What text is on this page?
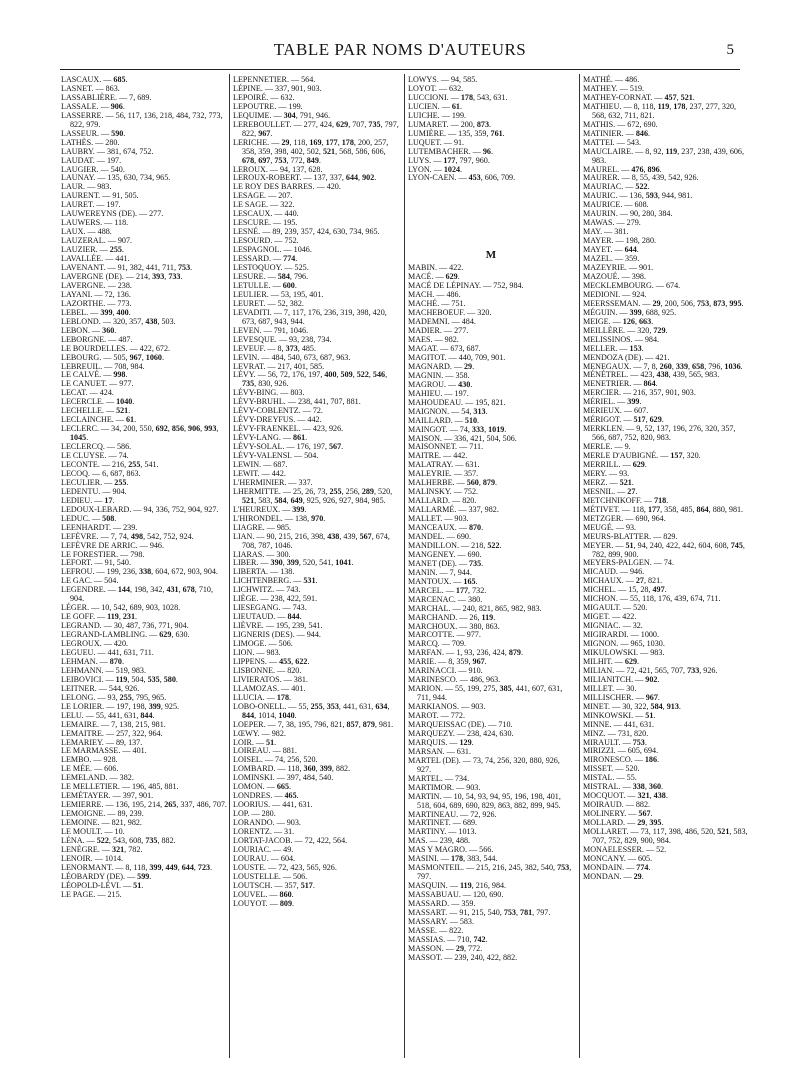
TABLE PAR NOMS D'AUTEURS	5
LASCAUX. — 685.
LASNET. — 863.
LASSABLIÈRE. — 7, 689.
LASSALE. — 906.
LASSERRE. — 56, 117, 136, 218, 484, 732, 773, 822, 979.
LASSEUR. — 590.
LATHÈS. — 280.
LAUBRY. — 381, 674, 752.
LAUDAT. — 197.
LAUGIER. — 540.
LAUNAY. — 135, 630, 734, 965.
LAUR. — 983.
LAURENT. — 91, 505.
LAURET. — 197.
LAUWEREYNS (DE). — 277.
LAUWERS. — 118.
LAUX. — 488.
LAUZERAL. — 907.
LAUZIER. — 255.
LAVALLÉE. — 441.
LAVENANT. — 91, 382, 441, 711, 753.
LAVERGNE (DE). — 214, 393, 733.
LAVERGNE. — 238.
LAYANI. — 72, 136.
LAZORTHE. — 773.
LEBEL. — 399, 400.
LEBLOND. — 320, 357, 438, 503.
LEBON. — 360.
LEBORGNE. — 487.
LE BOURDELLES. — 422, 672.
LEBOURG. — 505, 967, 1060.
LEBREUIL. — 708, 984.
LE CALVÉ. — 998.
LE CANUET. — 977.
LECAT. — 424.
LECERCLE. — 1040.
LECHELLE. — 521.
LECLAINCHE. — 61.
LECLERC. — 34, 200, 550, 692, 856, 906, 993, 1045.
LECLERCQ. — 586.
LE CLUYSE. — 74.
LECONTE. — 216, 255, 541.
LECOQ. — 6, 687, 863.
LECULIER. — 255.
LEDENTU. — 904.
LEDIEU. — 17.
LEDOUX-LEBARD. — 94, 336, 752, 904, 927.
LEDUC. — 508.
LEENHARDT. — 239.
LEFÈVRE. — 7, 74, 498, 542, 752, 924.
LEFÈVRE DE ARRIC. — 946.
LE FORESTIER. — 798.
LEFORT. — 91, 540.
LEFROU. — 199, 236, 338, 604, 672, 903, 904.
LE GAC. — 504.
LEGENDRE. — 144, 198, 342, 431, 678, 710, 904.
LÉGER. — 10, 542, 689, 903, 1028.
LE GOFF. — 119, 231.
LEGRAND. — 30, 487, 736, 771, 904.
LEGRAND-LAMBLING. — 629, 630.
LEGROUX. — 420.
LEGUEU. — 441, 631, 711.
LEHMAN. — 870.
LEHMANN. — 519, 983.
LEIBOVICI. — 119, 504, 535, 580.
LEITNER. — 544, 926.
LELONG. — 93, 255, 795, 965.
LE LORIER. — 197, 198, 399, 925.
LELU. — 55, 441, 631, 844.
LEMAIRE. — 7, 138, 215, 981.
LEMAITRE. — 257, 322, 964.
LEMARIEY. — 89, 137.
LE MARMASSE. — 401.
LEMBO. — 928.
LE MÉE. — 606.
LEMELAND. — 382.
LE MELLETIER. — 196, 485, 881.
LEMÉTAYER. — 397, 901.
LEMIERRE. — 136, 195, 214, 265, 337, 486, 707.
LEMOIGNE. — 89, 239.
LEMOINE. — 821, 982.
LE MOULT. — 10.
LÉNA. — 522, 543, 608, 735, 882.
LENÈGRE. — 321, 782.
LENOIR. — 1014.
LENORMANT. — 8, 118, 399, 449, 644, 723.
LÉOBARDY (DE). — 599.
LÉOPOLD-LÉVI. — 51.
LE PAGE. — 215.
LEPENNETIER. — 564.
LÉPINE. — 337, 901, 903.
LEPOIRÉ. — 632.
LEPOUTRE. — 199.
LEQUIME. — 304, 791, 946.
LEREBOULLET. — 277, 424, 629, 707, 735, 797, 822, 967.
LERICHE. — 29, 118, 169, 177, 178, 200, 257, 358, 359, 398, 402, 502, 521, 568, 586, 606, 678, 697, 753, 772, 849.
LEROUX. — 94, 137, 628.
LEROUX-ROBERT. — 137, 337, 644, 902.
LE ROY DES BARRES. — 420.
LESAGE. — 207.
LE SAGE. — 322.
LESCAUX. — 440.
LESCURE. — 195.
LESNÉ. — 89, 239, 357, 424, 630, 734, 965.
LESOURD. — 752.
LESPAGNOL. — 1046.
LESSARD. — 774.
LESTOQUOY. — 525.
LESURE. — 584, 796.
LETULLE. — 600.
LEULIER. — 53, 195, 401.
LEURET. — 52, 382.
LEVADITI. — 7, 117, 176, 236, 319, 398, 420, 673, 687, 943, 944.
LEVEN. — 791, 1046.
LEVESQUE. — 93, 238, 734.
LEVEUF. — 8, 373, 485.
LEVIN. — 484, 540, 673, 687, 963.
LEVRAT. — 217, 401, 585.
LÉVY. — 56, 72, 176, 197, 400, 509, 522, 546, 735, 830, 926.
LÉVY-BING. — 803.
LÉVY-BRUHL. — 238, 441, 707, 881.
LÉVY-COBLENTZ. — 72.
LÉVY-DREYFUS. — 442.
LÉVY-FRAENKEL. — 423, 926.
LÉVY-LANG. — 861.
LÉVY-SOLAL. — 176, 197, 567.
LÉVY-VALENSI. — 504.
LEWIN. — 687.
LEWIT. — 442.
L'HERMINIER. — 337.
LHERMITTE. — 25, 26, 73, 255, 256, 289, 520, 521, 583, 584, 649, 925, 926, 927, 984, 985.
L'HEUREUX. — 399.
L'HIRONDEL. — 138, 970.
LIAGRE. — 985.
LIAN. — 90, 215, 216, 398, 438, 439, 567, 674, 708, 787, 1046.
LIARAS. — 300.
LIBER. — 390, 399, 520, 541, 1041.
LIBERTA. — 138.
LICHTENBERG. — 531.
LICHWITZ. — 743.
LIÈGE. — 238, 422, 591.
LIESEGANG. — 743.
LIEUTAUD. — 844.
LIÈVRE. — 195, 239, 541.
LIGNERIS (DES). — 944.
LIMOGE. — 506.
LION. — 983.
LIPPENS. — 455, 622.
LISBONNE. — 820.
LIVIERATOS. — 381.
LLAMOZAS. — 401.
LLUCIA. — 178.
LOBO-ONELL. — 55, 255, 353, 441, 631, 634, 844, 1014, 1040.
LOEPER. — 7, 38, 195, 796, 821, 857, 879, 981.
LŒWY. — 982.
LOIR. — 51.
LOIREAU. — 881.
LOISEL. — 74, 256, 520.
LOMBARD. — 118, 360, 399, 882.
LOMINSKI. — 397, 484, 540.
LOMON. — 665.
LONDRES. — 465.
LOORIUS. — 441, 631.
LOP. — 280.
LORANDO. — 903.
LORENTZ. — 31.
LORTAT-JACOB. — 72, 422, 564.
LOURIAC. — 49.
LOURAU. — 604.
LOUSTE. — 72, 423, 565, 926.
LOUSTELLE. — 506.
LOUTSCH. — 357, 517.
LOUVEL. — 860.
LOUYOT. — 809.
LOWYS. — 94, 585.
LOYOT. — 632.
LUCCIONI. — 178, 543, 631.
LUCIEN. — 61.
LUICHE. — 199.
LUMARET. — 200, 873.
LUMIÈRE. — 135, 359, 761.
LUQUET. — 91.
LUTEMBACHER. — 96.
LUYS. — 177, 797, 960.
LYON. — 1024.
LYON-CAEN. — 453, 606, 709.
M
MABIN. — 422.
MACÉ. — 629.
MACÉ DE LÉPINAY. — 752, 984.
MACH. — 486.
MACHÉ. — 751.
MACHEBOEUF. — 320.
MADEMNI. — 484.
MADIER. — 277.
MAES. — 982.
MAGAT. — 673, 687.
MAGITOT. — 440, 709, 901.
MAGNARD. — 29.
MAGNIN. — 358.
MAGROU. — 430.
MAHIEU. — 197.
MAHOUDEAU. — 195, 821.
MAIGNON. — 54, 313.
MAILLARD. — 510.
MAINGOT. — 74, 333, 1019.
MAISON. — 336, 421, 504, 506.
MAISONNET. — 711.
MAITRE. — 442.
MALATRAY. — 631.
MALEYRIE. — 357.
MALHERBE. — 560, 879.
MALINSKY. — 752.
MALLARD. — 820.
MALLARMÉ. — 337, 982.
MALLET. — 903.
MANCEAUX. — 870.
MANDEL. — 690.
MANDILLON. — 218, 522.
MANGENEY. — 690.
MANET (DE). — 735.
MANIN. — 7, 944.
MANTOUX. — 165.
MARCEL. — 177, 732.
MARCENAC. — 380.
MARCHAL. — 240, 821, 865, 982, 983.
MARCHAND. — 26, 119.
MARCHOUX. — 380, 863.
MARCOTTE. — 977.
MARCQ. — 709.
MARFAN. — 1, 93, 236, 424, 879.
MARIE. — 8, 359, 967.
MARINACCI. — 910.
MARINESCO. — 486, 963.
MARION. — 55, 199, 275, 385, 441, 607, 631, 711, 944.
MARKIANOS. — 903.
MAROT. — 772.
MARQUEISSAC (DE). — 710.
MARQUEZY. — 238, 424, 630.
MARQUIS. — 129.
MARSAN. — 631.
MARTEL (DE). — 73, 74, 256, 320, 880, 926, 927.
MARTEL. — 734.
MARTIMOR. — 903.
MARTIN. — 10, 54, 93, 94, 95, 196, 198, 401, 518, 604, 689, 690, 829, 863, 882, 899, 945.
MARTINEAU. — 72, 926.
MARTINET. — 689.
MARTINY. — 1013.
MAS. — 239, 488.
MAS Y MAGRO. — 566.
MASINI. — 178, 383, 544.
MASMONTEIL. — 215, 216, 245, 382, 540, 753, 797.
MASQUIN. — 119, 216, 984.
MASSABUAU. — 120, 690.
MASSARD. — 359.
MASSART. — 91, 215, 540, 753, 781, 797.
MASSARY. — 583.
MASSE. — 822.
MASSIAS. — 710, 742.
MASSON. — 29, 772.
MASSOT. — 239, 240, 422, 882.
MATHÉ. — 486.
MATHEY. — 519.
MATHEY-CORNAT. — 457, 521.
MATHIEU. — 8, 118, 119, 178, 237, 277, 320, 568, 632, 711, 821.
MATHIS. — 672, 690.
MATINIER. — 846.
MATTEI. — 543.
MAUCLAIRE. — 8, 92, 119, 237, 238, 439, 606, 983.
MAUREL. — 476, 896.
MAURER. — 8, 55, 439, 542, 926.
MAURIAC. — 522.
MAURIC. — 136, 593, 944, 981.
MAURICE. — 608.
MAURIN. — 90, 280, 384.
MAWAS. — 279.
MAY. — 381.
MAYER. — 198, 280.
MAYET. — 644.
MAZEL. — 359.
MAZEYRIE. — 901.
MAZOUÉ. — 398.
MECKLEMBOURG. — 674.
MEDIONI. — 924.
MEERSSEMAN. — 29, 200, 506, 753, 873, 995.
MÉGUIN. — 399, 688, 925.
MEIGE. — 126, 663.
MEILLÈRE. — 320, 729.
MELISSINOS. — 984.
MELLER. — 153.
MENDOZA (DE). — 421.
MENEGAUX. — 7, 8, 260, 339, 658, 796, 1036.
MÉNÉTREL. — 423, 438, 439, 565, 983.
MENETRIER. — 864.
MERCIER. — 216, 357, 901, 903.
MÉRIEL. — 399.
MERIEUX. — 607.
MÉRIGOT. — 517, 629.
MERKLEN. — 9, 52, 137, 196, 276, 320, 357, 566, 687, 752, 820, 983.
MERLE. — 9.
MERLE D'AUBIGNÉ. — 157, 320.
MERRILL. — 629.
MERY. — 93.
MERZ. — 521.
MESNIL. — 27.
METCHNIKOFF. — 718.
MÉTIVET. — 118, 177, 358, 485, 864, 880, 981.
METZGER. — 690, 964.
MEUGÉ. — 93.
MEURS-BLATTER. — 829.
MEYER. — 51, 94, 240, 422, 442, 604, 608, 745, 782, 899, 900.
MEYERS-PALGEN. — 74.
MICAUD. — 946.
MICHAUX. — 27, 821.
MICHEL. — 15, 28, 497.
MICHON. — 55, 118, 176, 439, 674, 711.
MIGAULT. — 520.
MIGET. — 422.
MIGNIAC. — 32.
MIGIRARDI. — 1000.
MIGNON. — 965, 1030.
MIKULOWSKI. — 983.
MILHIT. — 629.
MILIAN. — 72, 421, 565, 707, 733, 926.
MILIANITCH. — 902.
MILLET. — 30.
MILLISCHER. — 967.
MINET. — 30, 322, 584, 913.
MINKOWSKI. — 51.
MINNE. — 441, 631.
MINZ. — 731, 820.
MIRAULT. — 753.
MIRIZZI. — 605, 694.
MIRONESCO. — 186.
MISSET. — 520.
MISTAL. — 55.
MISTRAL. — 338, 360.
MOCQUOT. — 321, 438.
MOIRAUD. — 882.
MOLINERY. — 567.
MOLLARD. — 29, 395.
MOLLARET. — 73, 117, 398, 486, 520, 521, 583, 707, 752, 829, 900, 984.
MONAELESSER. — 52.
MONCANY. — 605.
MONDAIN. — 774.
MONDAN. — 29.
